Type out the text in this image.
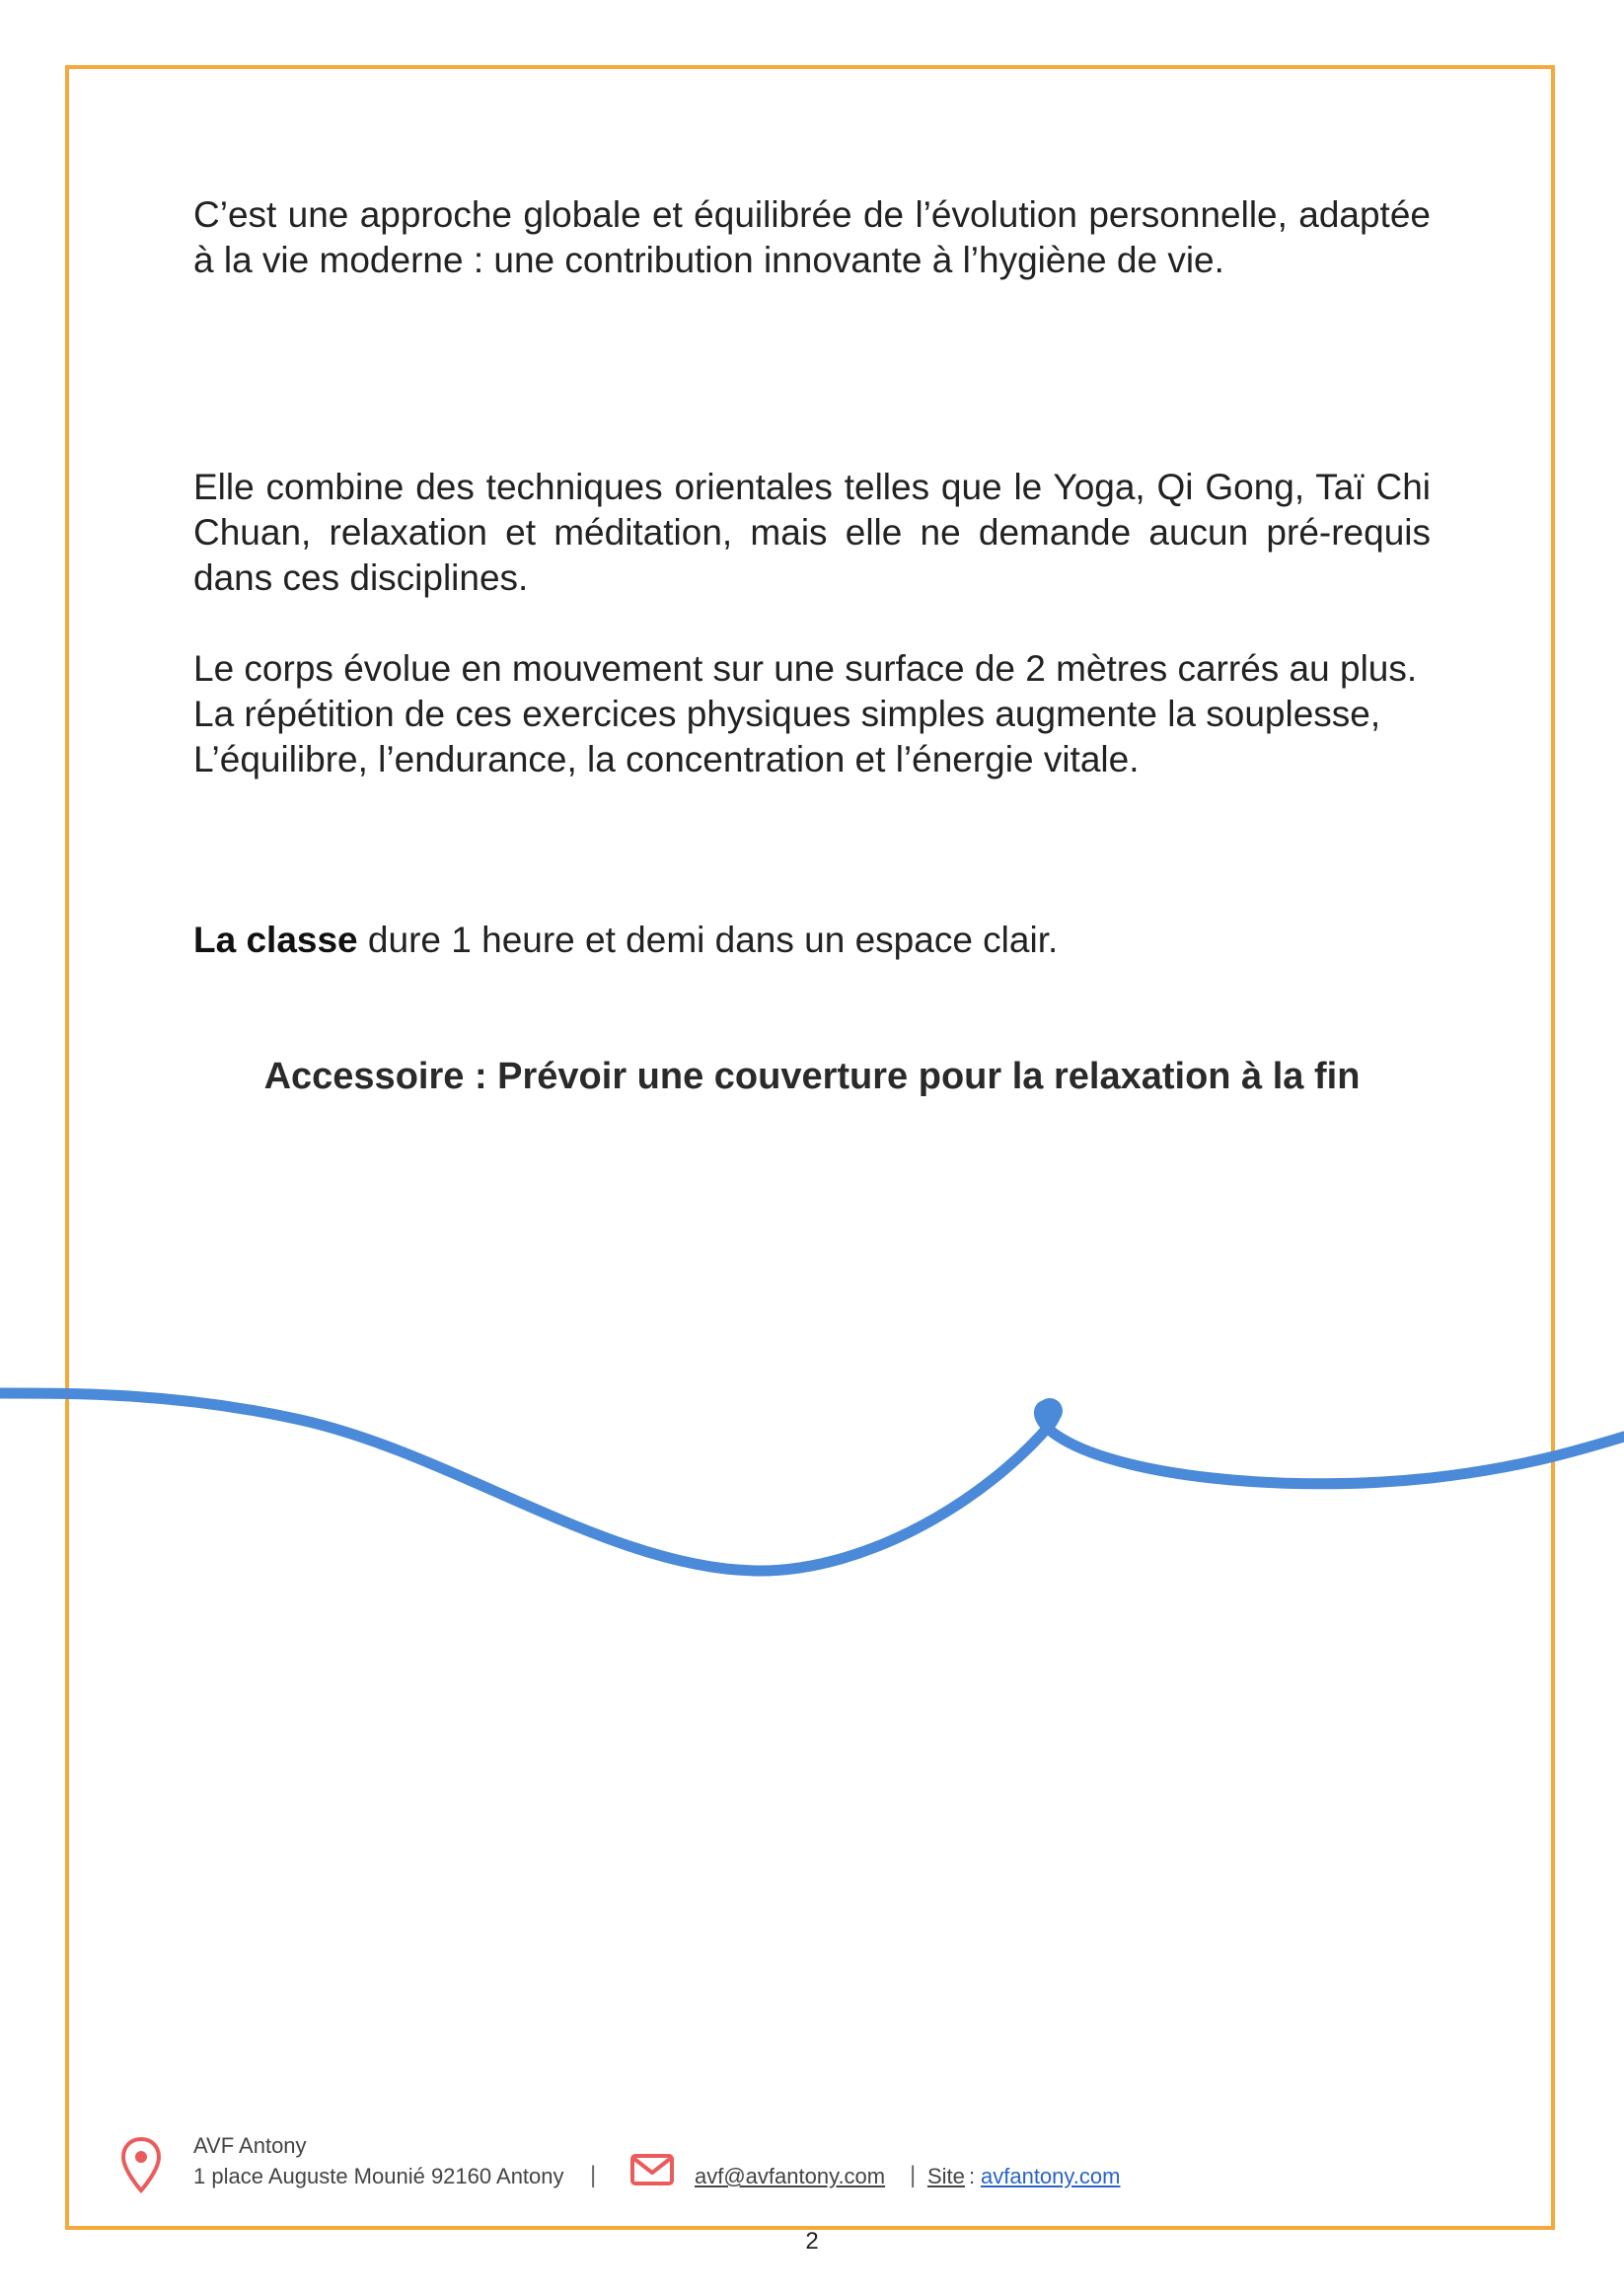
C’est une approche globale et équilibrée de l’évolution personnelle, adaptée à la vie moderne : une contribution innovante à l’hygiène de vie.

Elle combine des techniques orientales telles que le Yoga, Qi Gong, Taï Chi Chuan, relaxation et méditation, mais elle ne demande aucun pré-requis dans ces disciplines.

Le corps évolue en mouvement sur une surface de 2 mètres carrés au plus.
La répétition de ces exercices physiques simples augmente la souplesse,
L’équilibre, l’endurance, la concentration et l’énergie vitale.

La classe dure 1 heure et demi dans un espace clair.

Accessoire : Prévoir une couverture pour la relaxation à la fin

AVF Antony
1 place Auguste Mounié 92160 Antony |	avf@avfantony.com | Site : avfantony.com
2
